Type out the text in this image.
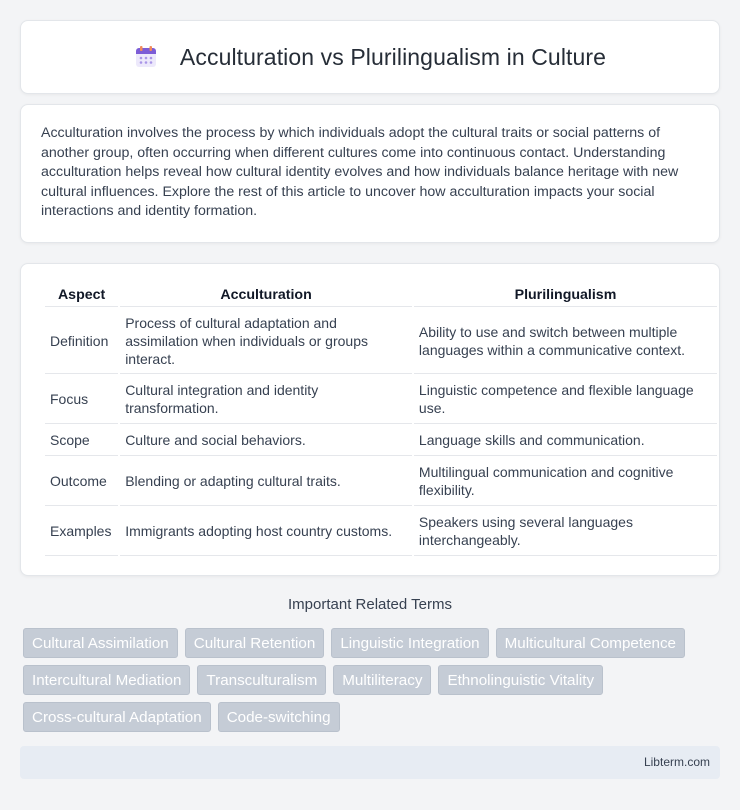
Acculturation vs Plurilingualism in Culture

Acculturation involves the process by which individuals adopt the cultural traits or social patterns of another group, often occurring when different cultures come into continuous contact. Understanding acculturation helps reveal how cultural identity evolves and how individuals balance heritage with new cultural influences. Explore the rest of this article to uncover how acculturation impacts your social interactions and identity formation.

Aspect	Acculturation	Plurilingualism
Definition	Process of cultural adaptation and assimilation when individuals or groups interact.	Ability to use and switch between multiple languages within a communicative context.
Focus	Cultural integration and identity transformation.	Linguistic competence and flexible language use.
Scope	Culture and social behaviors.	Language skills and communication.
Outcome	Blending or adapting cultural traits.	Multilingual communication and cognitive flexibility.
Examples	Immigrants adopting host country customs.	Speakers using several languages interchangeably.
Important Related Terms
Cultural Assimilation	Cultural Retention	Linguistic Integration	Multicultural Competence
Intercultural Mediation	Transculturalism	Multiliteracy	Ethnolinguistic Vitality
Cross-cultural Adaptation	Code-switching
Libterm.com
